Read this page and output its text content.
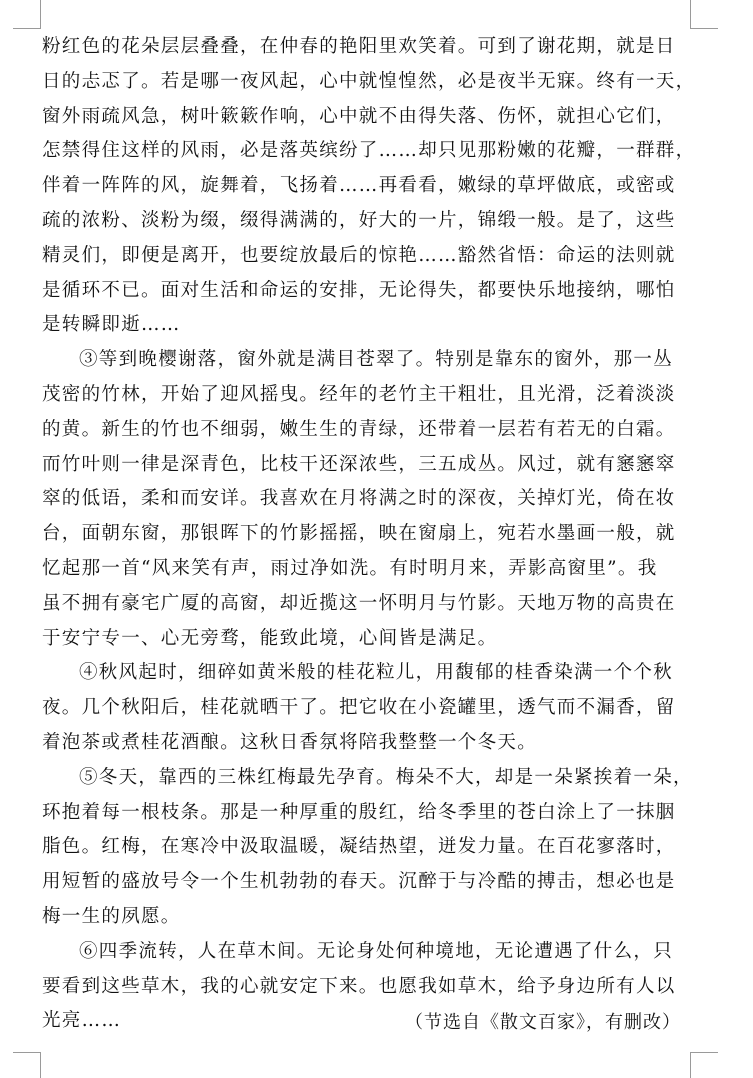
粉红色的花朵层层叠叠，在仲春的艳阳里欢笑着。可到了谢花期，就是日
日的忐忑了。若是哪一夜风起，心中就惶惶然，必是夜半无寐。终有一天，
窗外雨疏风急，树叶簌簌作响，心中就不由得失落、伤怀，就担心它们，
怎禁得住这样的风雨，必是落英缤纷了……却只见那粉嫩的花瓣，一群群，
伴着一阵阵的风，旋舞着，飞扬着……再看看，嫩绿的草坪做底，或密或
疏的浓粉、淡粉为缀，缀得满满的，好大的一片，锦缎一般。是了，这些
精灵们，即便是离开，也要绽放最后的惊艳……豁然省悟：命运的法则就
是循环不已。面对生活和命运的安排，无论得失，都要快乐地接纳，哪怕
是转瞬即逝……
③等到晚樱谢落，窗外就是满目苍翠了。特别是靠东的窗外，那一丛
茂密的竹林，开始了迎风摇曳。经年的老竹主干粗壮，且光滑，泛着淡淡
的黄。新生的竹也不细弱，嫩生生的青绿，还带着一层若有若无的白霜。
而竹叶则一律是深青色，比枝干还深浓些，三五成丛。风过，就有窸窸窣
窣的低语，柔和而安详。我喜欢在月将满之时的深夜，关掉灯光，倚在妆
台，面朝东窗，那银晖下的竹影摇摇，映在窗扇上，宛若水墨画一般，就
忆起那一首“风来笑有声，雨过净如洗。有时明月来，弄影高窗里”。我
虽不拥有豪宅广厦的高窗，却近揽这一怀明月与竹影。天地万物的高贵在
于安宁专一、心无旁骛，能致此境，心间皆是满足。
④秋风起时，细碎如黄米般的桂花粒儿，用馥郁的桂香染满一个个秋
夜。几个秋阳后，桂花就晒干了。把它收在小瓷罐里，透气而不漏香，留
着泡茶或煮桂花酒酿。这秋日香氛将陪我整整一个冬天。
⑤冬天，靠西的三株红梅最先孕育。梅朵不大，却是一朵紧挨着一朵，
环抱着每一根枝条。那是一种厚重的殷红，给冬季里的苍白涂上了一抹胭
脂色。红梅，在寒冷中汲取温暖，凝结热望，迸发力量。在百花寥落时，
用短暂的盛放号令一个生机勃勃的春天。沉醉于与冷酷的搏击，想必也是
梅一生的夙愿。
⑥四季流转，人在草木间。无论身处何种境地，无论遭遇了什么，只
要看到这些草木，我的心就安定下来。也愿我如草木，给予身边所有人以
光亮……	（节选自《散文百家》，有删改）
